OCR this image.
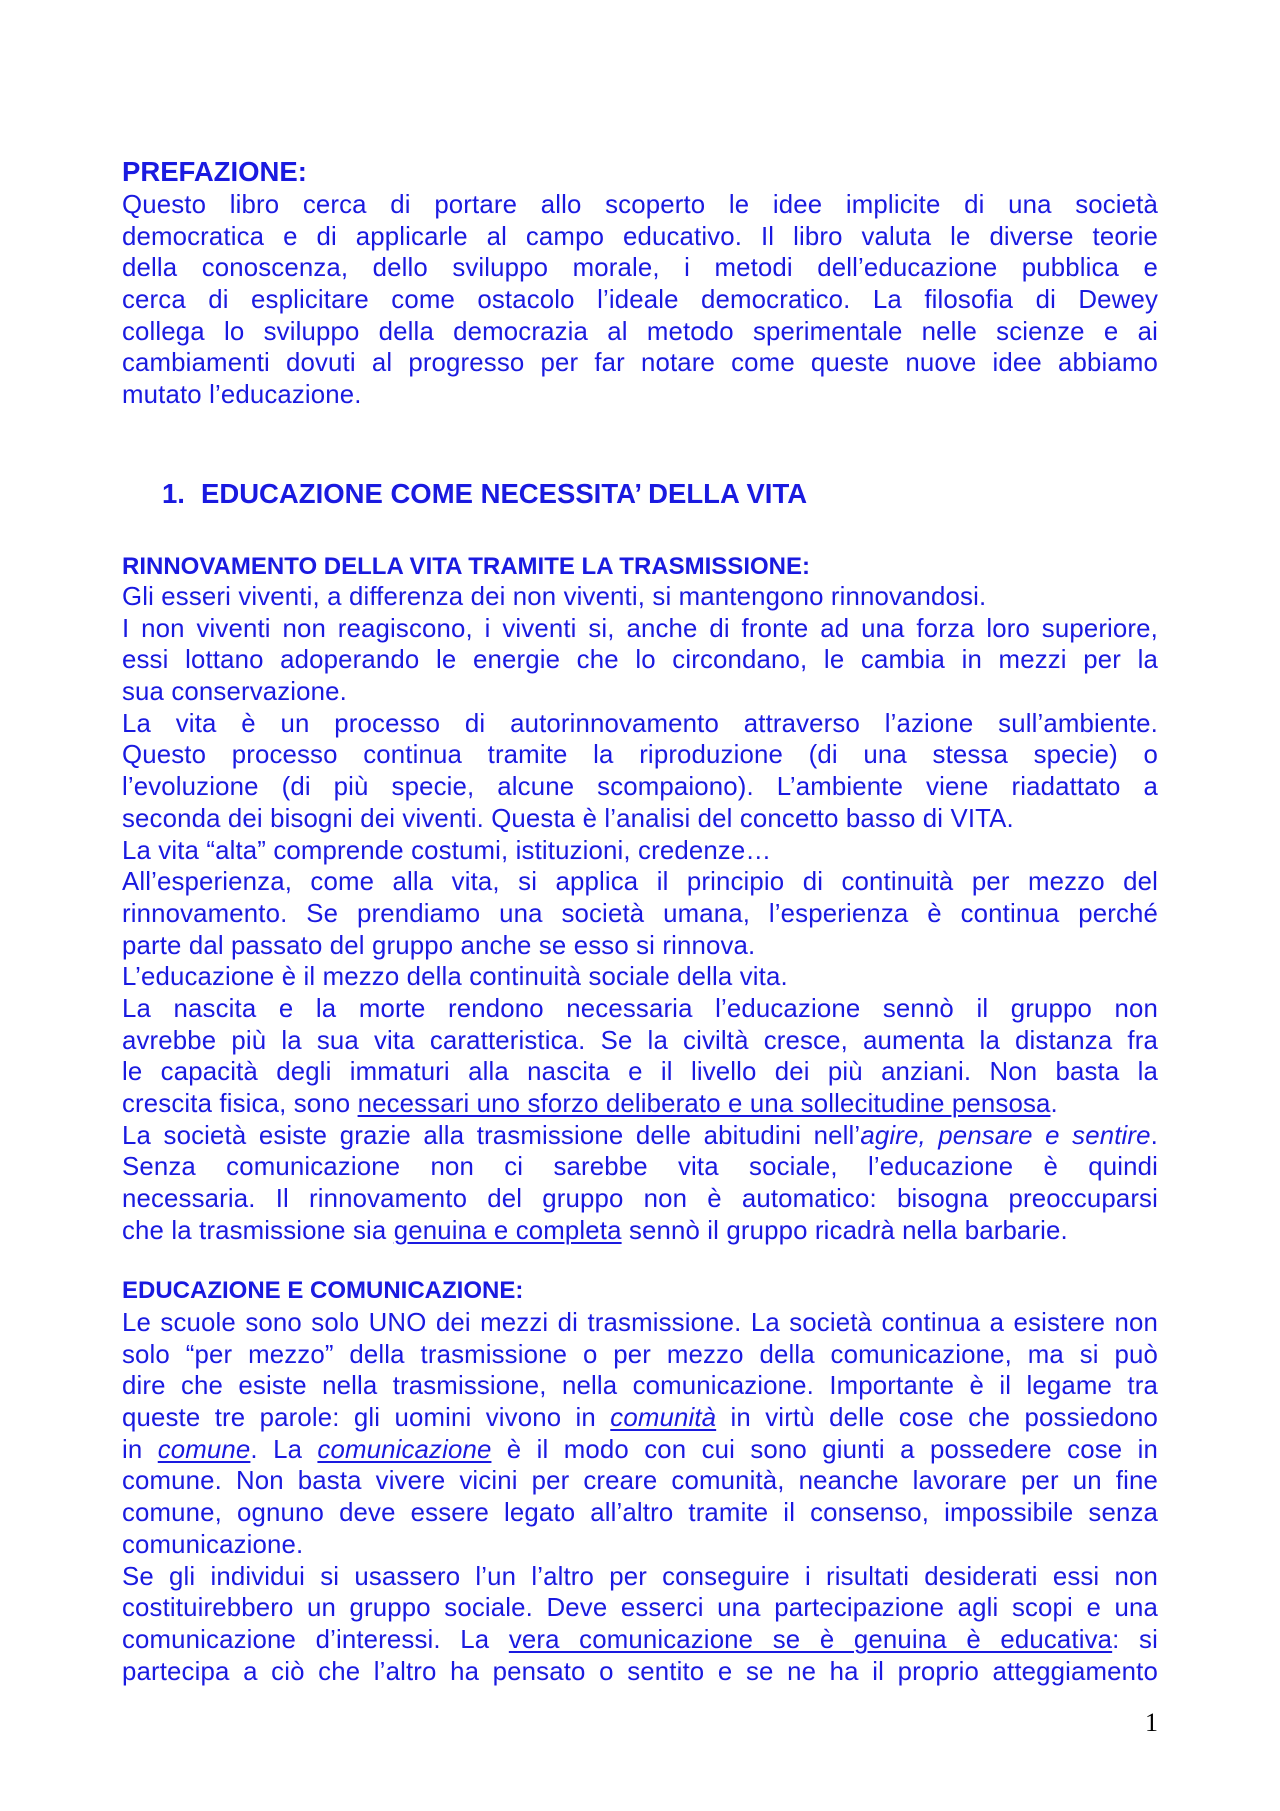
PREFAZIONE:
Questo libro cerca di portare allo scoperto le idee implicite di una società
democratica e di applicarle al campo educativo. Il libro valuta le diverse teorie
della conoscenza, dello sviluppo morale, i metodi dell’educazione pubblica e
cerca di esplicitare come ostacolo l’ideale democratico. La filosofia di Dewey
collega lo sviluppo della democrazia al metodo sperimentale nelle scienze e ai
cambiamenti dovuti al progresso per far notare come queste nuove idee abbiamo
mutato l’educazione.
1. EDUCAZIONE COME NECESSITA’ DELLA VITA
RINNOVAMENTO DELLA VITA TRAMITE LA TRASMISSIONE:
Gli esseri viventi, a differenza dei non viventi, si mantengono rinnovandosi.
I non viventi non reagiscono, i viventi si, anche di fronte ad una forza loro superiore,
essi lottano adoperando le energie che lo circondano, le cambia in mezzi per la
sua conservazione.
La vita è un processo di autorinnovamento attraverso l’azione sull’ambiente.
Questo processo continua tramite la riproduzione (di una stessa specie) o
l’evoluzione (di più specie, alcune scompaiono). L’ambiente viene riadattato a
seconda dei bisogni dei viventi. Questa è l’analisi del concetto basso di VITA.
La vita “alta” comprende costumi, istituzioni, credenze…
All’esperienza, come alla vita, si applica il principio di continuità per mezzo del
rinnovamento. Se prendiamo una società umana, l’esperienza è continua perché
parte dal passato del gruppo anche se esso si rinnova.
L’educazione è il mezzo della continuità sociale della vita.
La nascita e la morte rendono necessaria l’educazione sennò il gruppo non
avrebbe più la sua vita caratteristica. Se la civiltà cresce, aumenta la distanza fra
le capacità degli immaturi alla nascita e il livello dei più anziani. Non basta la
crescita fisica, sono necessari uno sforzo deliberato e una sollecitudine pensosa.
La società esiste grazie alla trasmissione delle abitudini nell’agire, pensare e sentire.
Senza comunicazione non ci sarebbe vita sociale, l’educazione è quindi
necessaria. Il rinnovamento del gruppo non è automatico: bisogna preoccuparsi
che la trasmissione sia genuina e completa sennò il gruppo ricadrà nella barbarie.
EDUCAZIONE E COMUNICAZIONE:
Le scuole sono solo UNO dei mezzi di trasmissione. La società continua a esistere non
solo “per mezzo” della trasmissione o per mezzo della comunicazione, ma si può
dire che esiste nella trasmissione, nella comunicazione. Importante è il legame tra
queste tre parole: gli uomini vivono in comunità in virtù delle cose che possiedono
in comune. La comunicazione è il modo con cui sono giunti a possedere cose in
comune. Non basta vivere vicini per creare comunità, neanche lavorare per un fine
comune, ognuno deve essere legato all’altro tramite il consenso, impossibile senza
comunicazione.
Se gli individui si usassero l’un l’altro per conseguire i risultati desiderati essi non
costituirebbero un gruppo sociale. Deve esserci una partecipazione agli scopi e una
comunicazione d’interessi. La vera comunicazione se è genuina è educativa: si
partecipa a ciò che l’altro ha pensato o sentito e se ne ha il proprio atteggiamento
1
